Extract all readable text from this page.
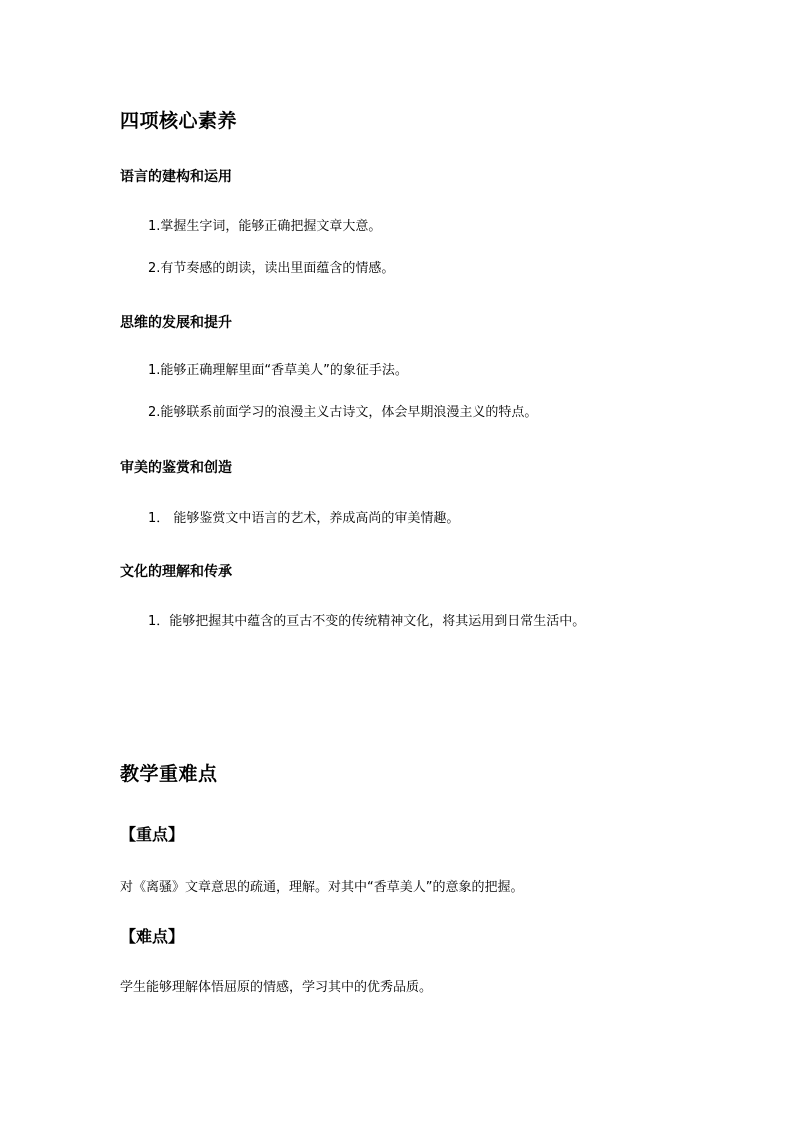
四项核心素养
语言的建构和运用

1.掌握生字词，能够正确把握文章大意。

2.有节奏感的朗读，读出里面蕴含的情感。

思维的发展和提升

1.能够正确理解里面“香草美人”的象征手法。

2.能够联系前面学习的浪漫主义古诗文，体会早期浪漫主义的特点。

审美的鉴赏和创造

1． 能够鉴赏文中语言的艺术，养成高尚的审美情趣。

文化的理解和传承

1．能够把握其中蕴含的亘古不变的传统精神文化，将其运用到日常生活中。

教学重难点
【重点】

对《离骚》文章意思的疏通，理解。对其中“香草美人”的意象的把握。

【难点】

学生能够理解体悟屈原的情感，学习其中的优秀品质。
